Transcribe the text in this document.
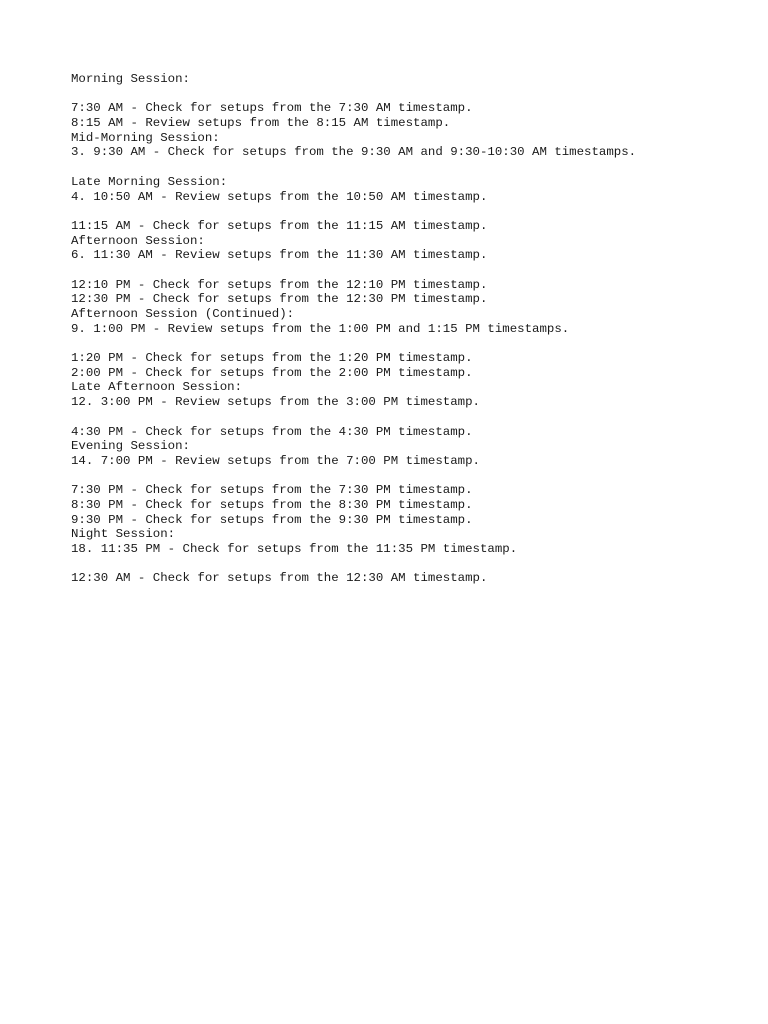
Morning Session:
7:30 AM - Check for setups from the 7:30 AM timestamp.
8:15 AM - Review setups from the 8:15 AM timestamp.
Mid-Morning Session:
3. 9:30 AM - Check for setups from the 9:30 AM and 9:30-10:30 AM timestamps.
Late Morning Session:
4. 10:50 AM - Review setups from the 10:50 AM timestamp.
11:15 AM - Check for setups from the 11:15 AM timestamp.
Afternoon Session:
6. 11:30 AM - Review setups from the 11:30 AM timestamp.
12:10 PM - Check for setups from the 12:10 PM timestamp.
12:30 PM - Check for setups from the 12:30 PM timestamp.
Afternoon Session (Continued):
9. 1:00 PM - Review setups from the 1:00 PM and 1:15 PM timestamps.
1:20 PM - Check for setups from the 1:20 PM timestamp.
2:00 PM - Check for setups from the 2:00 PM timestamp.
Late Afternoon Session:
12. 3:00 PM - Review setups from the 3:00 PM timestamp.
4:30 PM - Check for setups from the 4:30 PM timestamp.
Evening Session:
14. 7:00 PM - Review setups from the 7:00 PM timestamp.
7:30 PM - Check for setups from the 7:30 PM timestamp.
8:30 PM - Check for setups from the 8:30 PM timestamp.
9:30 PM - Check for setups from the 9:30 PM timestamp.
Night Session:
18. 11:35 PM - Check for setups from the 11:35 PM timestamp.
12:30 AM - Check for setups from the 12:30 AM timestamp.
